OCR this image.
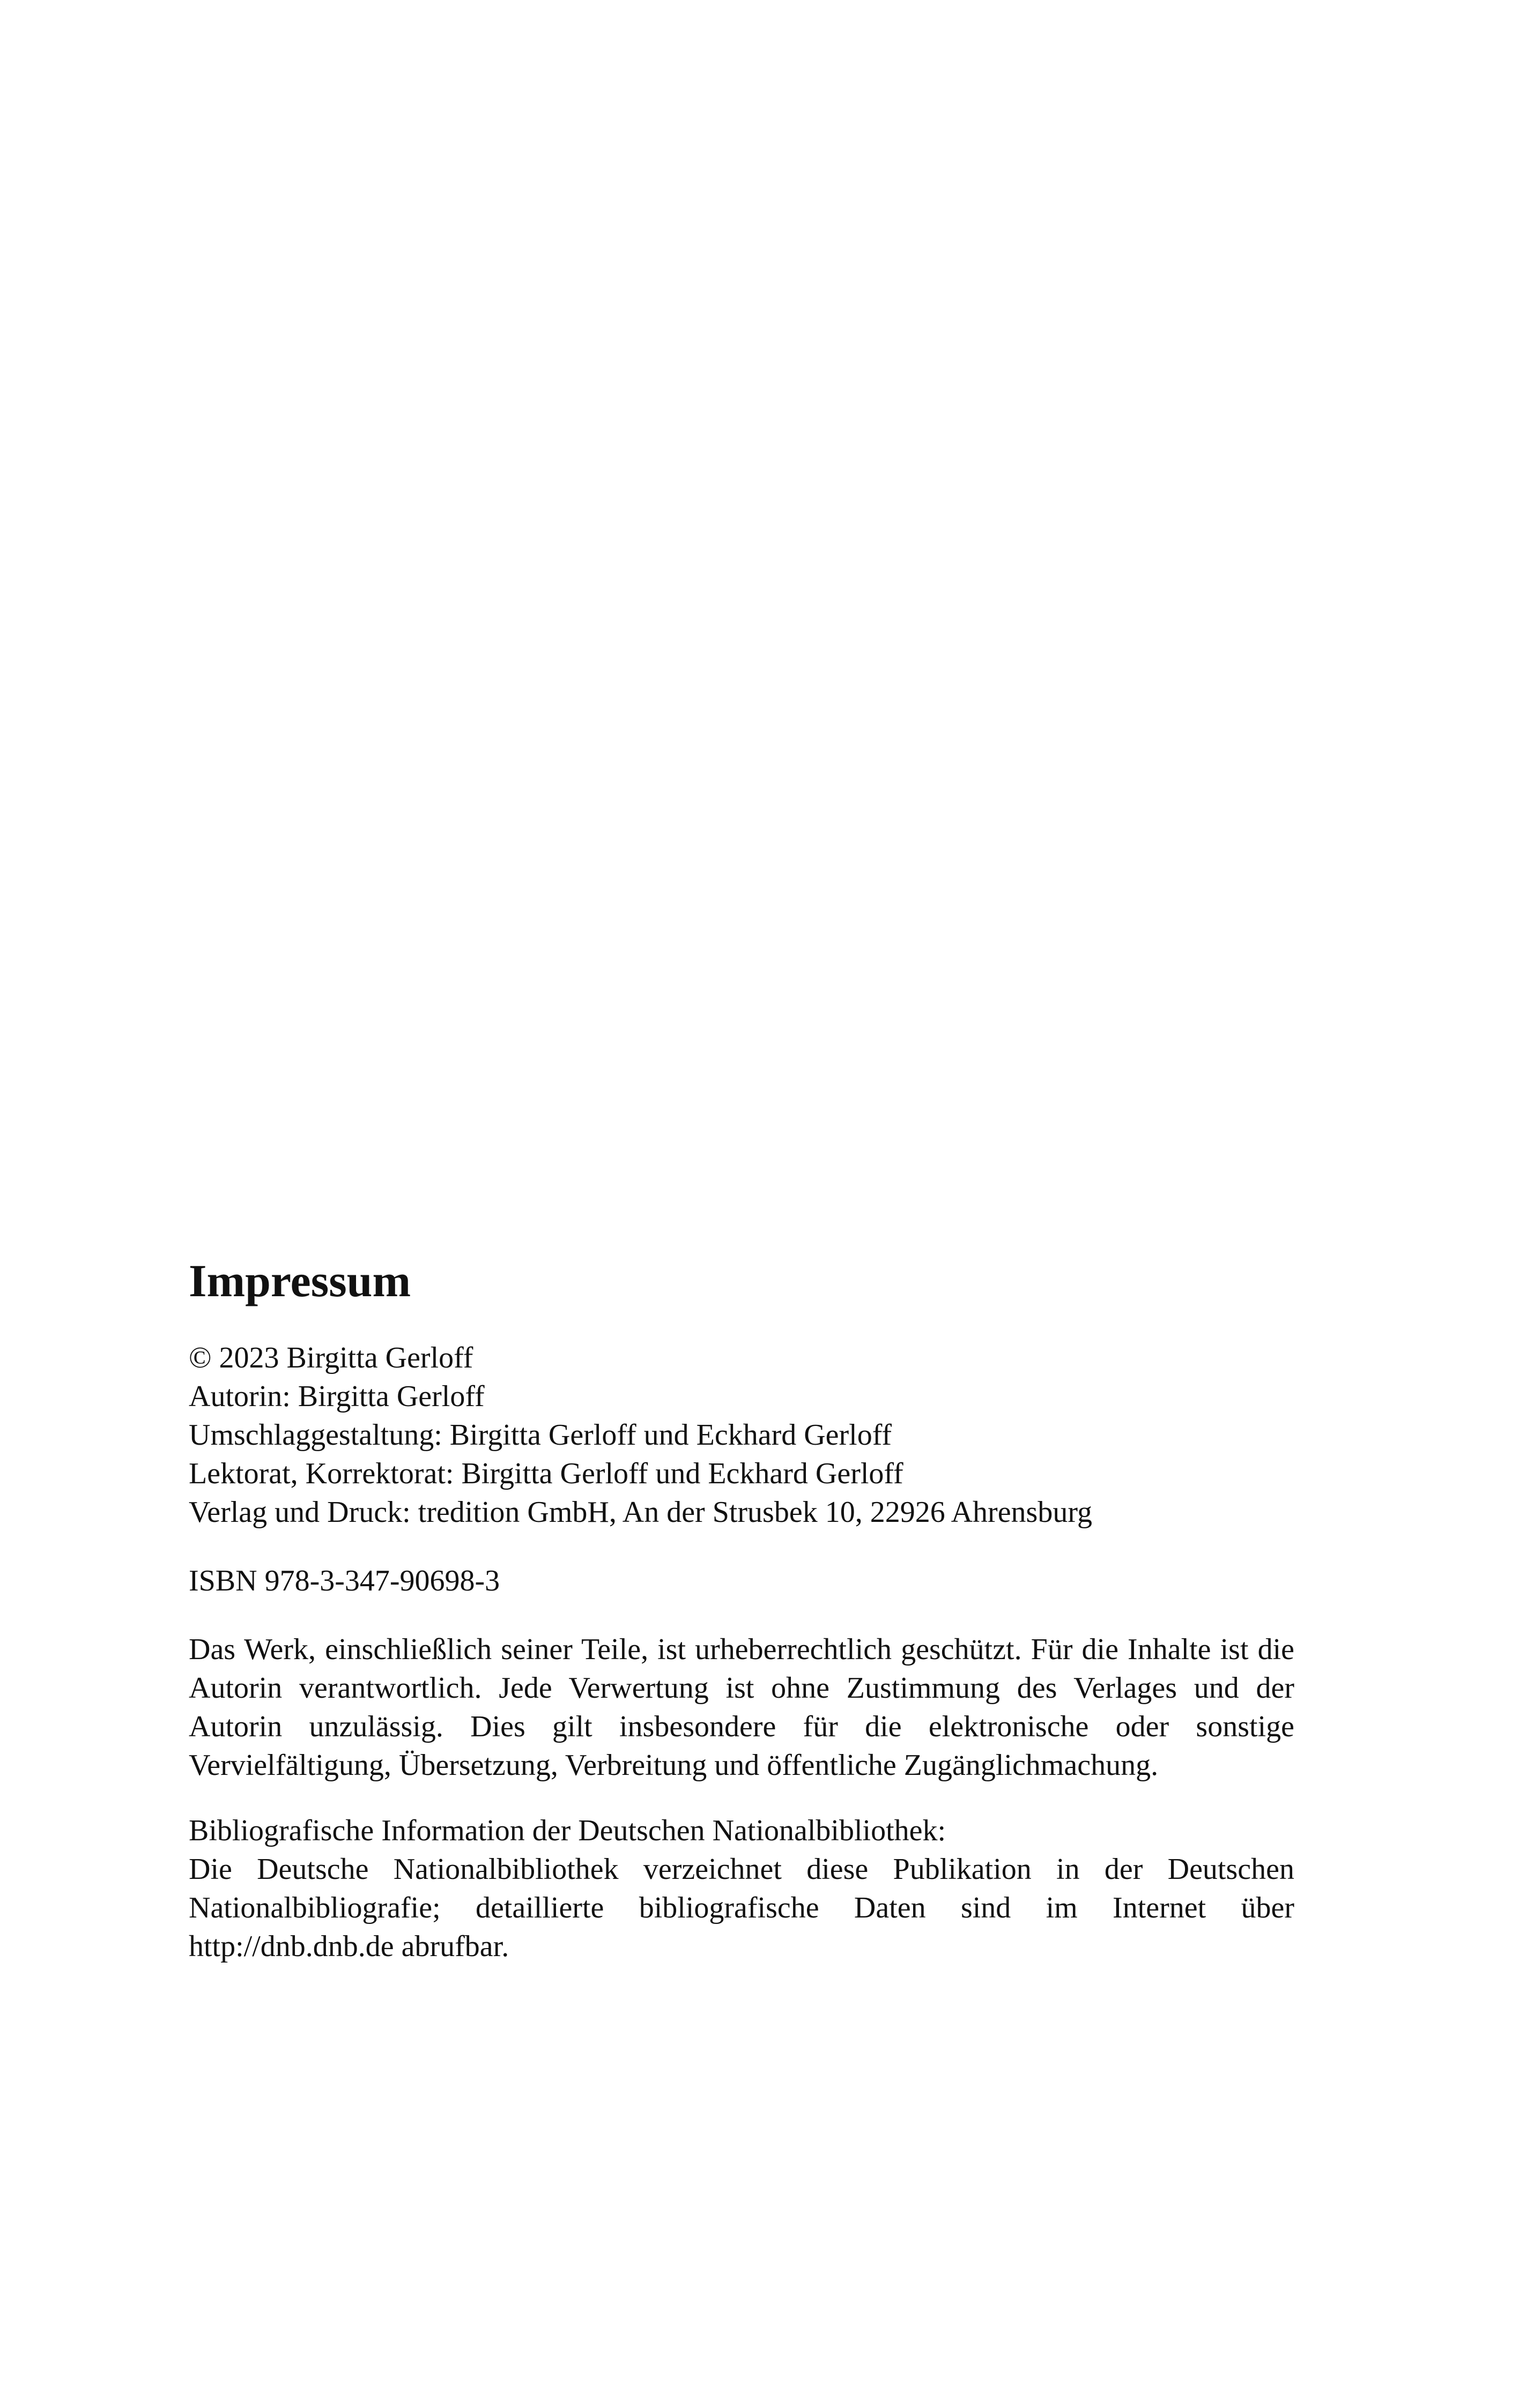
Impressum
© 2023 Birgitta Gerloff
Autorin: Birgitta Gerloff
Umschlaggestaltung: Birgitta Gerloff und Eckhard Gerloff
Lektorat, Korrektorat: Birgitta Gerloff und Eckhard Gerloff
Verlag und Druck: tredition GmbH, An der Strusbek 10, 22926 Ahrensburg

ISBN 978-3-347-90698-3

Das Werk, einschließlich seiner Teile, ist urheberrechtlich geschützt. Für die Inhalte ist die Autorin verantwortlich. Jede Verwertung ist ohne Zustimmung des Verlages und der Autorin unzulässig. Dies gilt insbesondere für die elektronische oder sonstige Vervielfältigung, Übersetzung, Verbreitung und öffentliche Zugänglichmachung.

Bibliografische Information der Deutschen Nationalbibliothek:
Die Deutsche Nationalbibliothek verzeichnet diese Publikation in der Deutschen Nationalbibliografie; detaillierte bibliografische Daten sind im Internet über http://dnb.dnb.de abrufbar.
